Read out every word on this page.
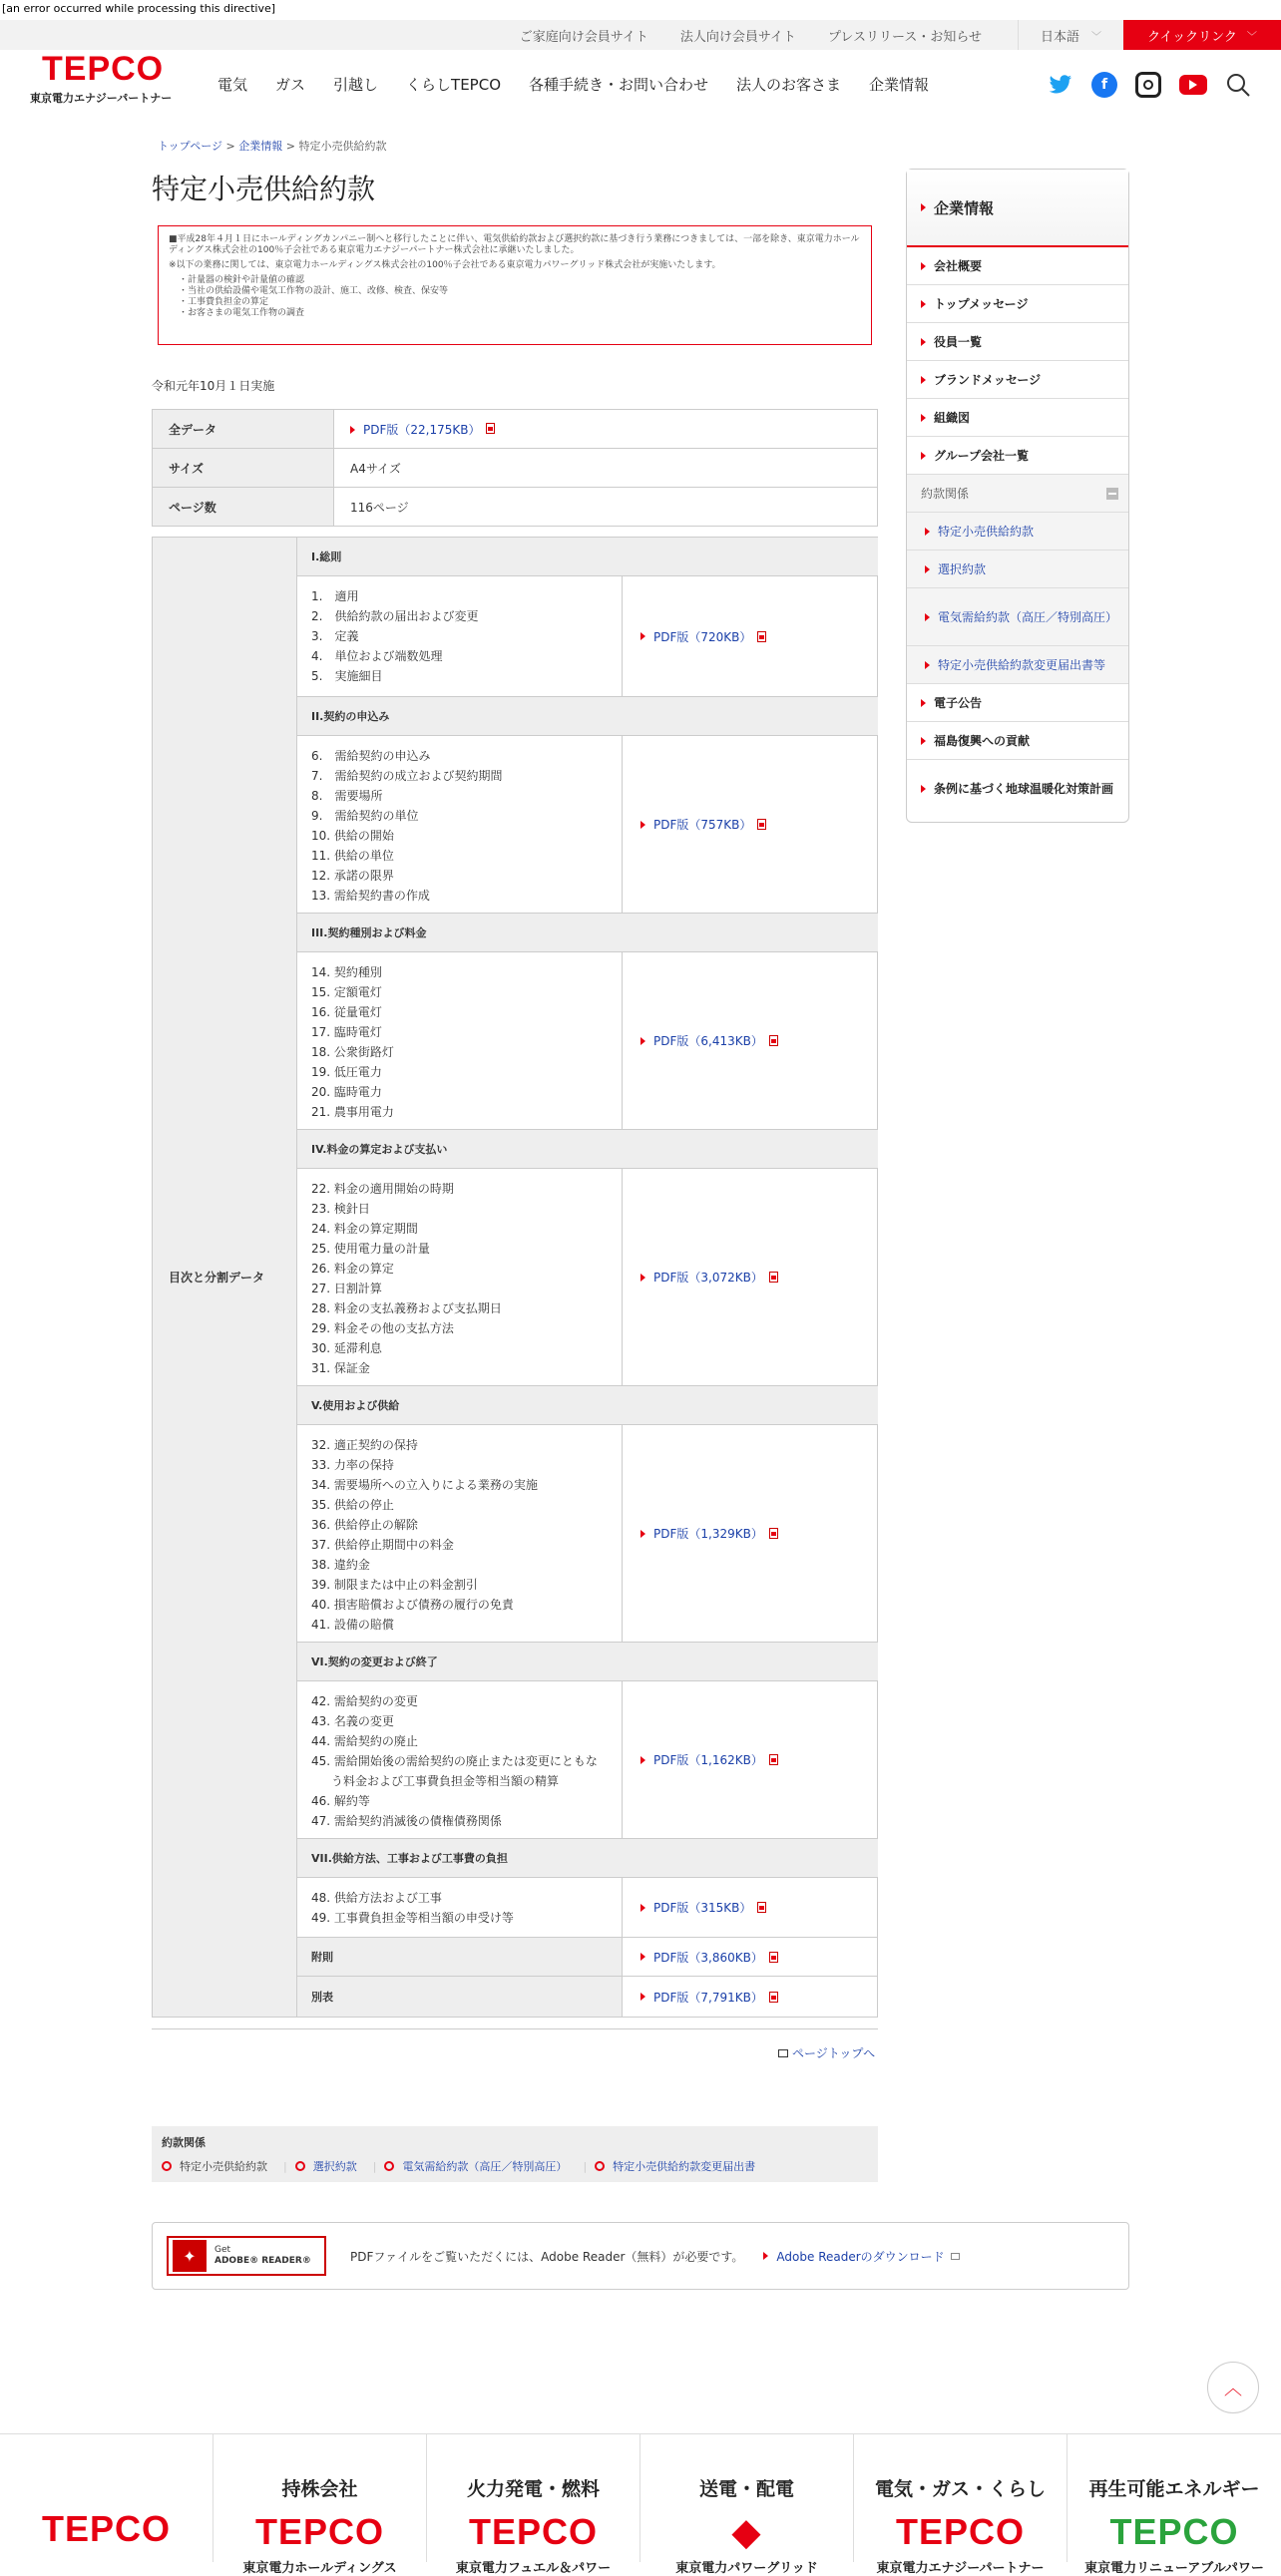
[an error occurred while processing this directive]
ご家庭向け会員サイト 法人向け会員サイト プレスリリース・お知らせ	日本語 ﹀	クイックリンク ﹀
TEPCO
東京電力エナジーパートナー
電気 ガス 引越し くらしTEPCO 各種手続き・お問い合わせ 法人のお客さま 企業情報	f
トップページ > 企業情報 > 特定小売供給約款
特定小売供給約款

■平成28年４月１日にホールディングカンパニー制へと移行したことに伴い、電気供給約款および選択約款に基づき行う業務につきましては、一部を除き、東京電力ホールディングス株式会社の100％子会社である東京電力エナジーパートナー株式会社に承継いたしました。

※以下の業務に関しては、東京電力ホールディングス株式会社の100％子会社である東京電力パワーグリッド株式会社が実施いたします。

・計量器の検針や計量値の確認
・当社の供給設備や電気工作物の設計、施工、改修、検査、保安等
・工事費負担金の算定
・お客さまの電気工作物の調査
令和元年10月１日実施
全データ	PDF版（22,175KB）
サイズ	A4サイズ
ページ数	116ページ
目次と分割データ
I.総則
1.　適用
2.　供給約款の届出および変更
3.　定義
4.　単位および端数処理
5.　実施細目
PDF版（720KB）
II.契約の申込み
6.　需給契約の申込み
7.　需給契約の成立および契約期間
8.　需要場所
9.　需給契約の単位
10. 供給の開始
11. 供給の単位
12. 承諾の限界
13. 需給契約書の作成
PDF版（757KB）
III.契約種別および料金
14. 契約種別
15. 定額電灯
16. 従量電灯
17. 臨時電灯
18. 公衆街路灯
19. 低圧電力
20. 臨時電力
21. 農事用電力
PDF版（6,413KB）
IV.料金の算定および支払い
22. 料金の適用開始の時期
23. 検針日
24. 料金の算定期間
25. 使用電力量の計量
26. 料金の算定
27. 日割計算
28. 料金の支払義務および支払期日
29. 料金その他の支払方法
30. 延滞利息
31. 保証金
PDF版（3,072KB）
V.使用および供給
32. 適正契約の保持
33. 力率の保持
34. 需要場所への立入りによる業務の実施
35. 供給の停止
36. 供給停止の解除
37. 供給停止期間中の料金
38. 違約金
39. 制限または中止の料金割引
40. 損害賠償および債務の履行の免責
41. 設備の賠償
PDF版（1,329KB）
VI.契約の変更および終了
42. 需給契約の変更
43. 名義の変更
44. 需給契約の廃止
45. 需給開始後の需給契約の廃止または変更にともなう料金および工事費負担金等相当額の精算
46. 解約等
47. 需給契約消滅後の債権債務関係
PDF版（1,162KB）
VII.供給方法、工事および工事費の負担
48. 供給方法および工事
49. 工事費負担金等相当額の申受け等
PDF版（315KB）
附則	PDF版（3,860KB）
別表	PDF版（7,791KB）
ページトップへ
約款関係
特定小売供給約款 | 選択約款 | 電気需給約款（高圧／特別高圧） | 特定小売供給約款変更届出書
✦	Get
ADOBE® READER®	PDFファイルをご覧いただくには、Adobe Reader（無料）が必要です。	Adobe Readerのダウンロード
企業情報
会社概要
トップメッセージ
役員一覧
ブランドメッセージ
組織図
グループ会社一覧
約款関係
特定小売供給約款
選択約款
電気需給約款（高圧／特別高圧）
特定小売供給約款変更届出書等
電子公告
福島復興への貢献
条例に基づく地球温暖化対策計画
︿
TEPCO
持株会社
TEPCO
東京電力ホールディングス
火力発電・燃料
TEPCO
東京電力フュエル＆パワー
送電・配電
◆
東京電力パワーグリッド
電気・ガス・くらし
TEPCO
東京電力エナジーパートナー
再生可能エネルギー
TEPCO
東京電力リニューアブルパワー
